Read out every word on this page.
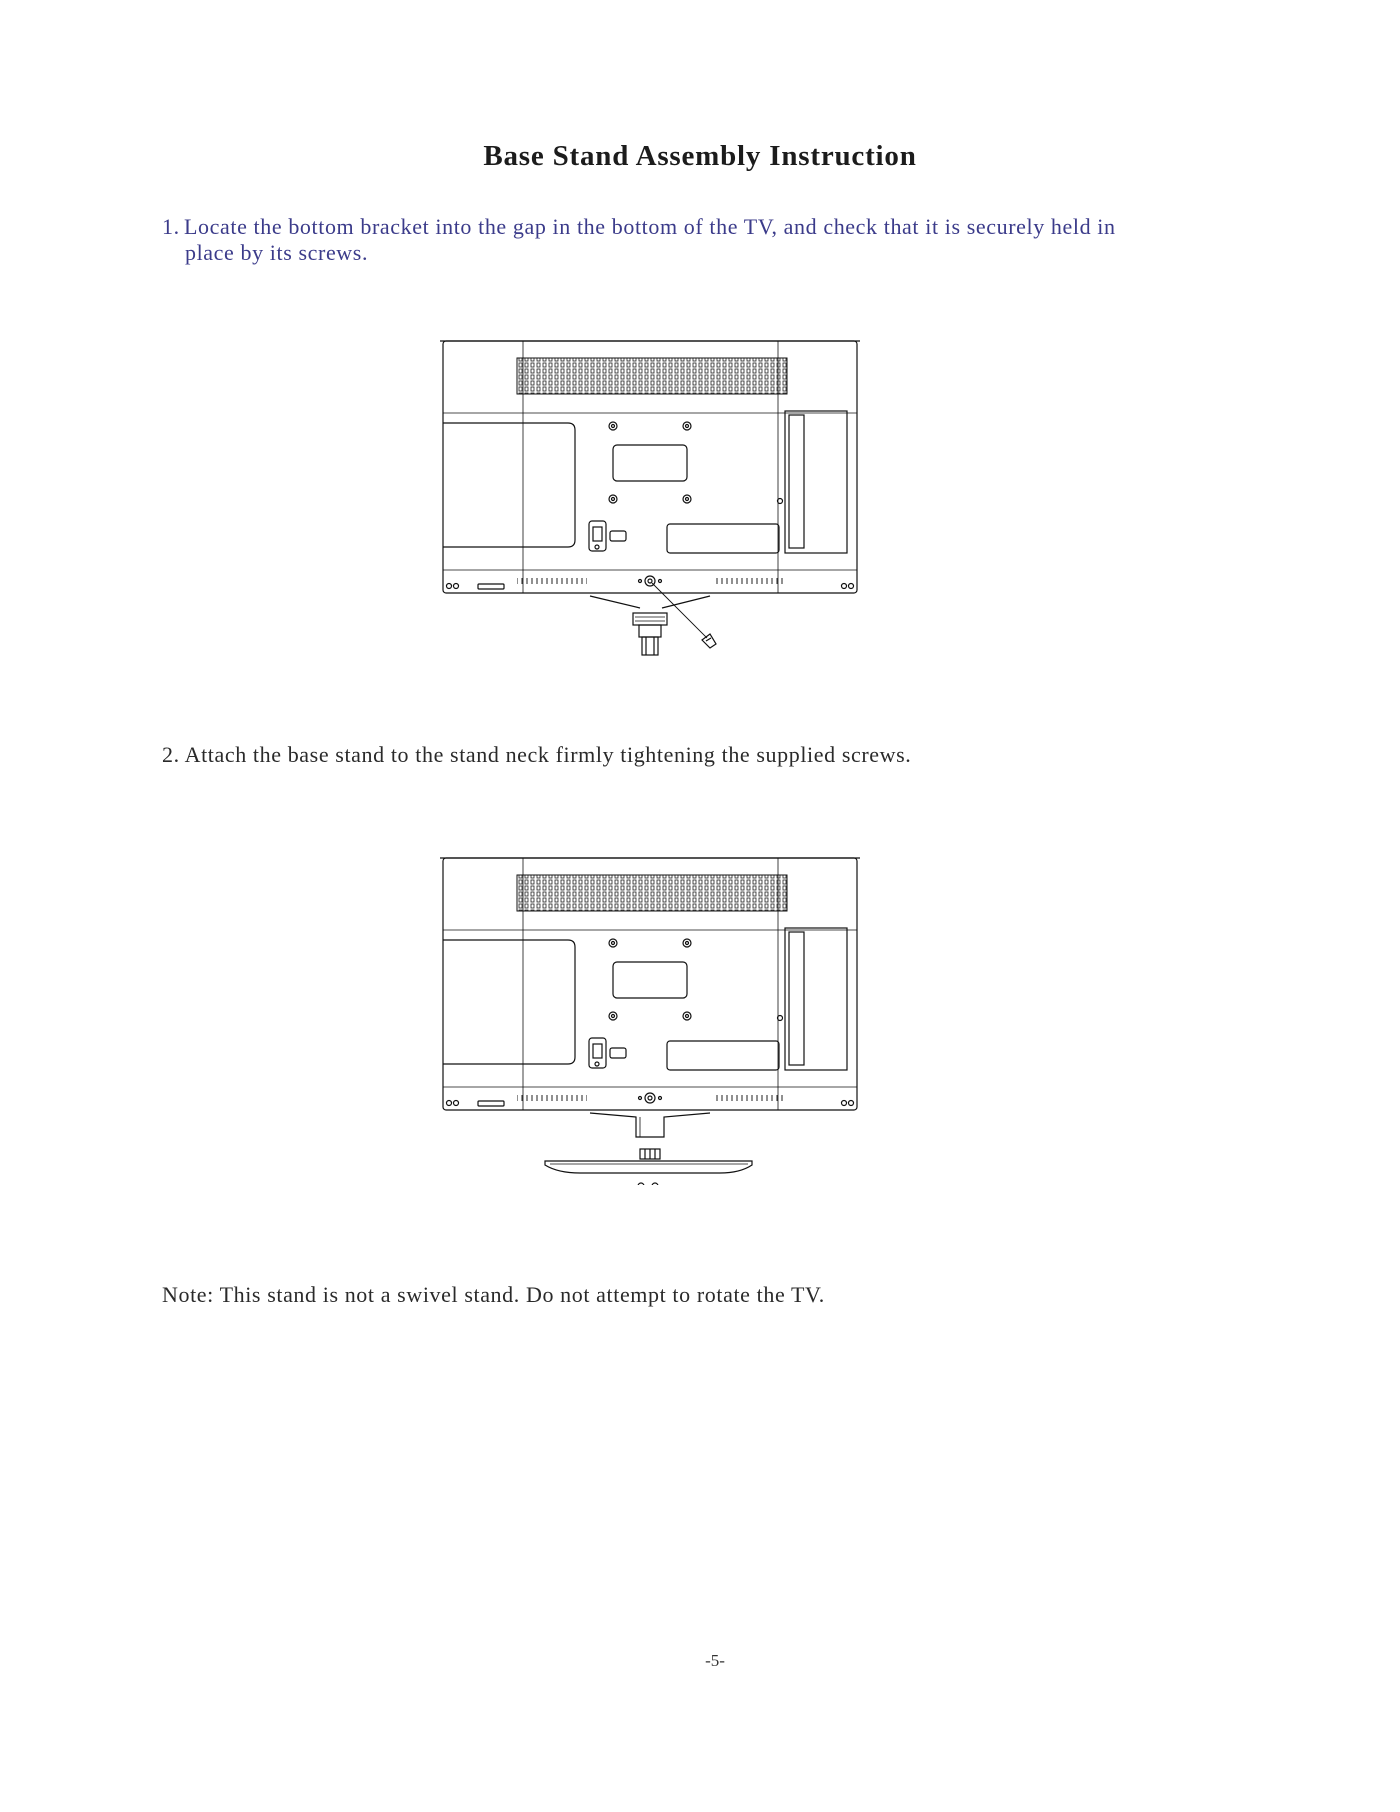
Base Stand Assembly Instruction
1. Locate the bottom bracket into the gap in the bottom of the TV, and check that it is securely held in
place by its screws.
2. Attach the base stand to the stand neck firmly tightening the supplied screws.
Note: This stand is not a swivel stand. Do not attempt to rotate the TV.
-5-
